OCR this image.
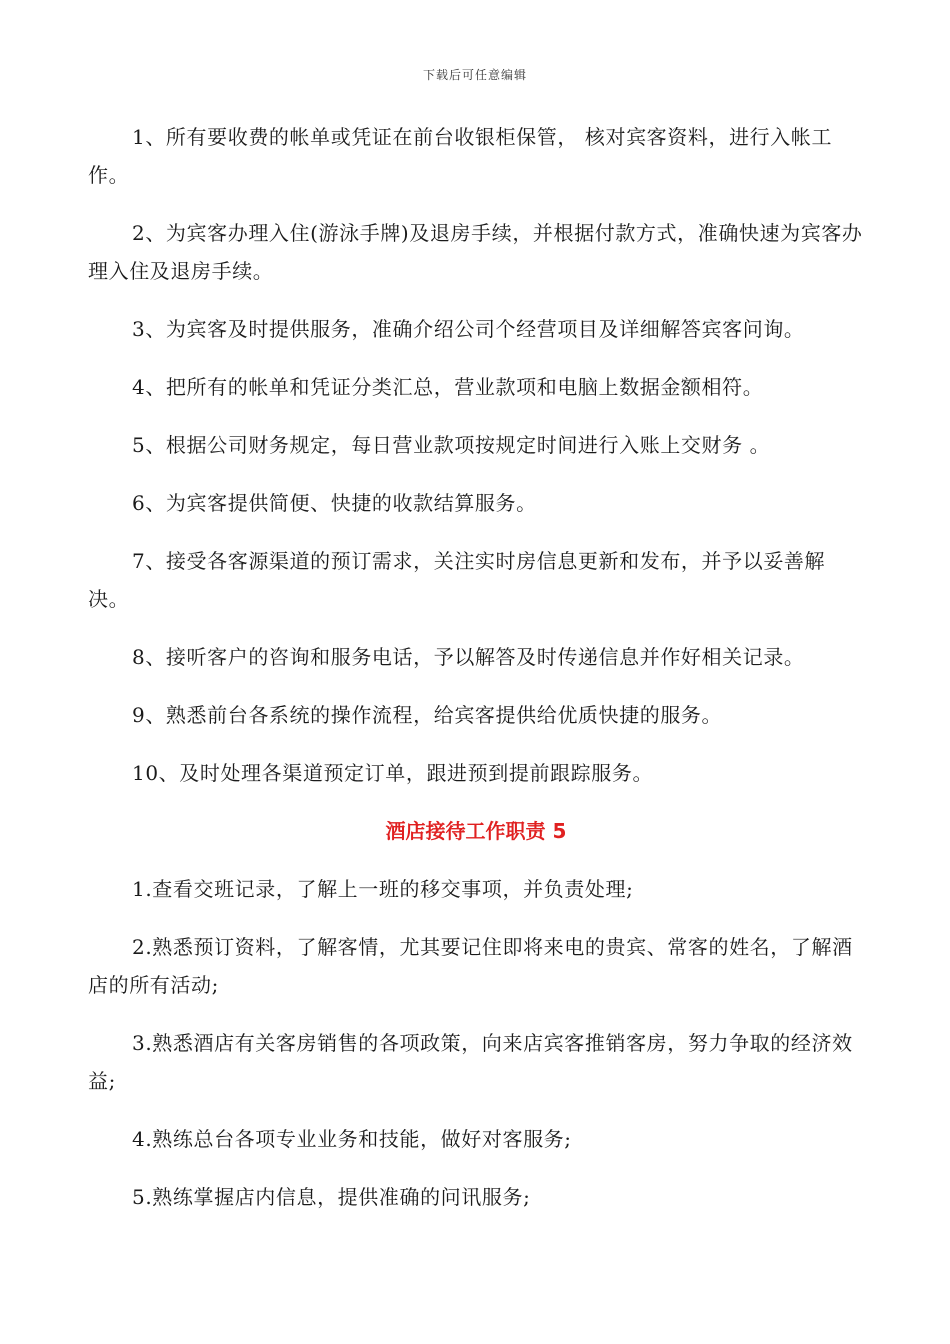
下载后可任意编辑

1、所有要收费的帐单或凭证在前台收银柜保管， 核对宾客资料，进行入帐工作。

2、为宾客办理入住(游泳手牌)及退房手续，并根据付款方式，准确快速为宾客办理入住及退房手续。

3、为宾客及时提供服务，准确介绍公司个经营项目及详细解答宾客问询。

4、把所有的帐单和凭证分类汇总，营业款项和电脑上数据金额相符。

5、根据公司财务规定，每日营业款项按规定时间进行入账上交财务 。

6、为宾客提供简便、快捷的收款结算服务。

7、接受各客源渠道的预订需求，关注实时房信息更新和发布，并予以妥善解决。

8、接听客户的咨询和服务电话，予以解答及时传递信息并作好相关记录。

9、熟悉前台各系统的操作流程，给宾客提供给优质快捷的服务。

10、及时处理各渠道预定订单，跟进预到提前跟踪服务。

酒店接待工作职责 5

1.查看交班记录，了解上一班的移交事项，并负责处理;

2.熟悉预订资料，了解客情，尤其要记住即将来电的贵宾、常客的姓名，了解酒店的所有活动;

3.熟悉酒店有关客房销售的各项政策，向来店宾客推销客房，努力争取的经济效益;

4.熟练总台各项专业业务和技能，做好对客服务;

5.熟练掌握店内信息，提供准确的问讯服务;
